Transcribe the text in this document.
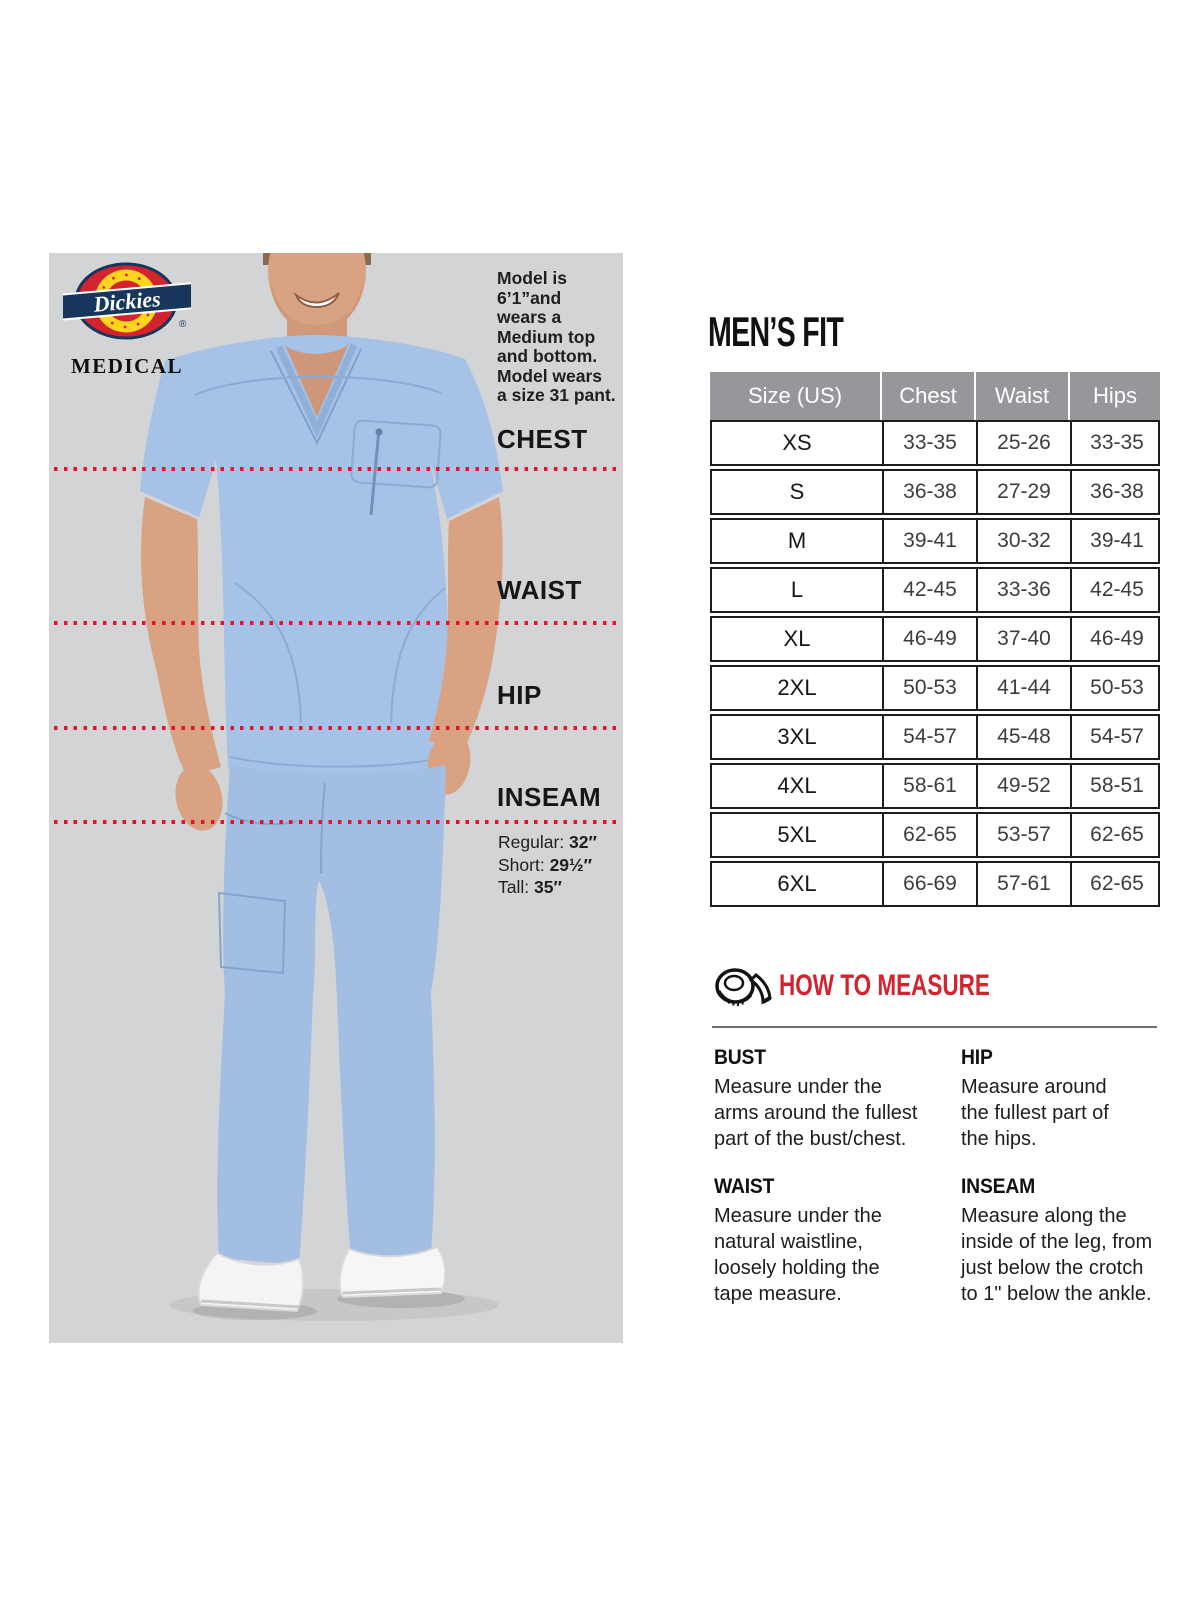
Dickies
®
MEDICAL
Model is
6’1”and
wears a
Medium top
and bottom.
Model wears
a size 31 pant.
CHEST
WAIST
HIP
INSEAM
Regular: 32″
Short: 29½″
Tall: 35″
MEN’S FIT
Size (US)	Chest	Waist	Hips
XS	33-35	25-26	33-35
S	36-38	27-29	36-38
M	39-41	30-32	39-41
L	42-45	33-36	42-45
XL	46-49	37-40	46-49
2XL	50-53	41-44	50-53
3XL	54-57	45-48	54-57
4XL	58-61	49-52	58-51
5XL	62-65	53-57	62-65
6XL	66-69	57-61	62-65
HOW TO MEASURE
BUST
Measure under the
arms around the fullest
part of the bust/chest.
WAIST
Measure under the
natural waistline,
loosely holding the
tape measure.
HIP
Measure around
the fullest part of
the hips.
INSEAM
Measure along the
inside of the leg, from
just below the crotch
to 1" below the ankle.
